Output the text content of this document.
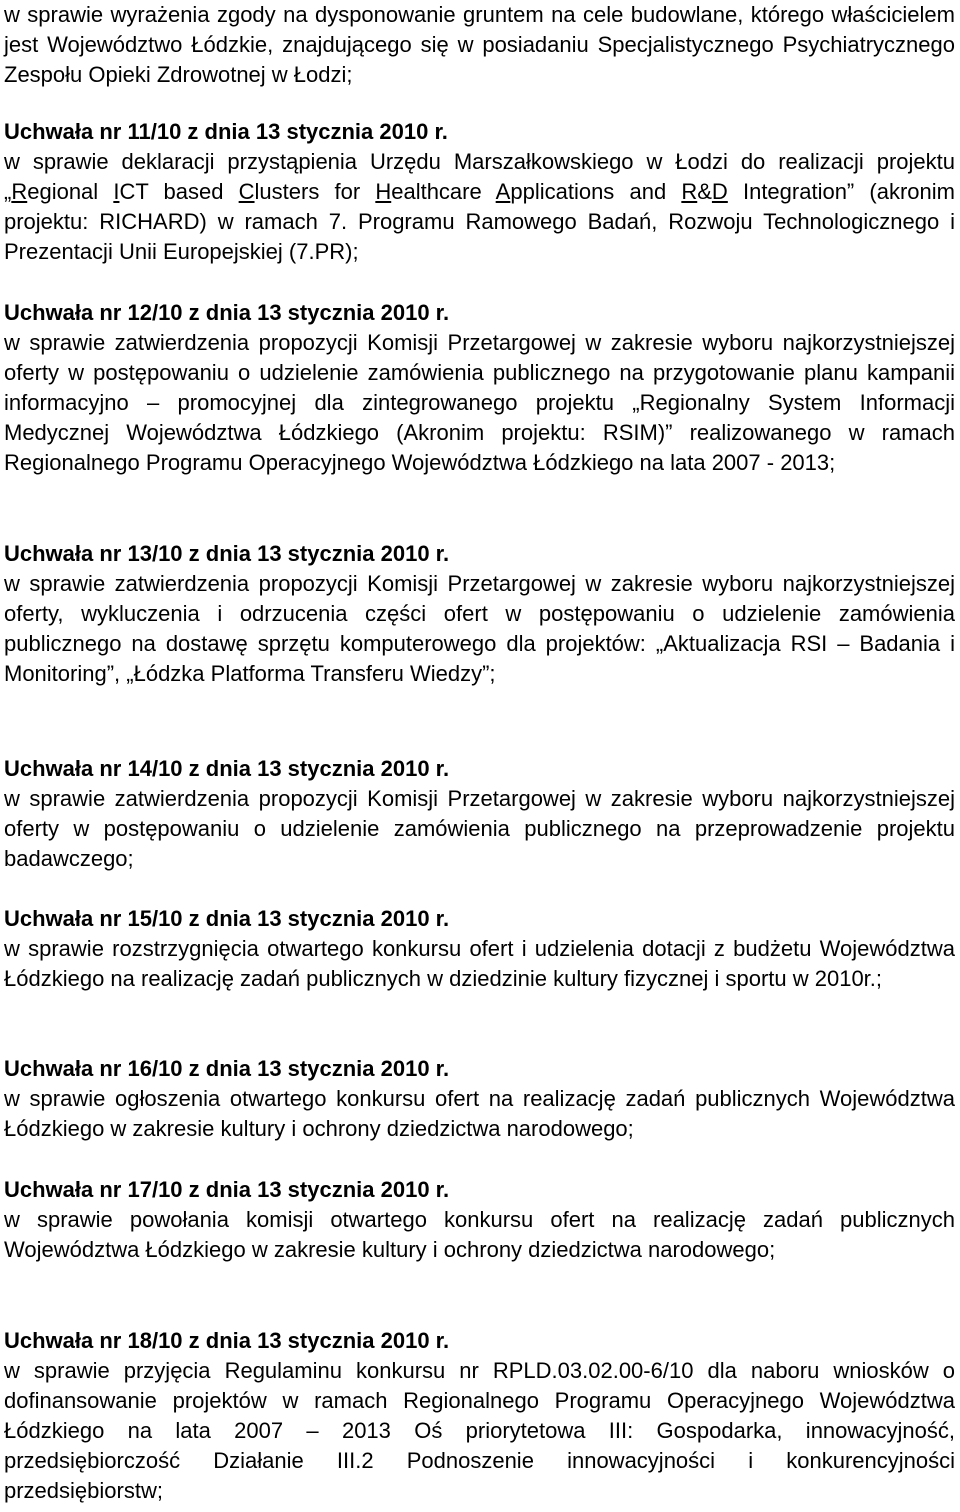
w sprawie wyrażenia zgody na dysponowanie gruntem na cele budowlane, którego właścicielem jest Województwo Łódzkie, znajdującego się w posiadaniu Specjalistycznego Psychiatrycznego Zespołu Opieki Zdrowotnej w Łodzi;

Uchwała nr 11/10 z dnia 13 stycznia 2010 r.

w sprawie deklaracji przystąpienia Urzędu Marszałkowskiego w Łodzi do realizacji projektu „Regional ICT based Clusters for Healthcare Applications and R&D Integration” (akronim projektu: RICHARD) w ramach 7. Programu Ramowego Badań, Rozwoju Technologicznego i Prezentacji Unii Europejskiej (7.PR);

Uchwała nr 12/10 z dnia 13 stycznia 2010 r.

w sprawie zatwierdzenia propozycji Komisji Przetargowej w zakresie wyboru najkorzystniejszej oferty w postępowaniu o udzielenie zamówienia publicznego na przygotowanie planu kampanii informacyjno – promocyjnej dla zintegrowanego projektu „Regionalny System Informacji Medycznej Województwa Łódzkiego (Akronim projektu: RSIM)” realizowanego w ramach Regionalnego Programu Operacyjnego Województwa Łódzkiego na lata 2007 - 2013;

Uchwała nr 13/10 z dnia 13 stycznia 2010 r.

w sprawie zatwierdzenia propozycji Komisji Przetargowej w zakresie wyboru najkorzystniejszej oferty, wykluczenia i odrzucenia części ofert w postępowaniu o udzielenie zamówienia publicznego na dostawę sprzętu komputerowego dla projektów: „Aktualizacja RSI – Badania i Monitoring”, „Łódzka Platforma Transferu Wiedzy”;

Uchwała nr 14/10 z dnia 13 stycznia 2010 r.

w sprawie zatwierdzenia propozycji Komisji Przetargowej w zakresie wyboru najkorzystniejszej oferty w postępowaniu o udzielenie zamówienia publicznego na przeprowadzenie projektu badawczego;

Uchwała nr 15/10 z dnia 13 stycznia 2010 r.

w sprawie rozstrzygnięcia otwartego konkursu ofert i udzielenia dotacji z budżetu Województwa Łódzkiego na realizację zadań publicznych w dziedzinie kultury fizycznej i sportu w 2010r.;

Uchwała nr 16/10 z dnia 13 stycznia 2010 r.

w sprawie ogłoszenia otwartego konkursu ofert na realizację zadań publicznych Województwa Łódzkiego w zakresie kultury i ochrony dziedzictwa narodowego;

Uchwała nr 17/10 z dnia 13 stycznia 2010 r.

w sprawie powołania komisji otwartego konkursu ofert na realizację zadań publicznych Województwa Łódzkiego w zakresie kultury i ochrony dziedzictwa narodowego;

Uchwała nr 18/10 z dnia 13 stycznia 2010 r.

w sprawie przyjęcia Regulaminu konkursu nr RPLD.03.02.00-6/10 dla naboru wniosków o dofinansowanie projektów w ramach Regionalnego Programu Operacyjnego Województwa Łódzkiego na lata 2007 – 2013 Oś priorytetowa III: Gospodarka, innowacyjność, przedsiębiorczość Działanie III.2 Podnoszenie innowacyjności i konkurencyjności przedsiębiorstw;
